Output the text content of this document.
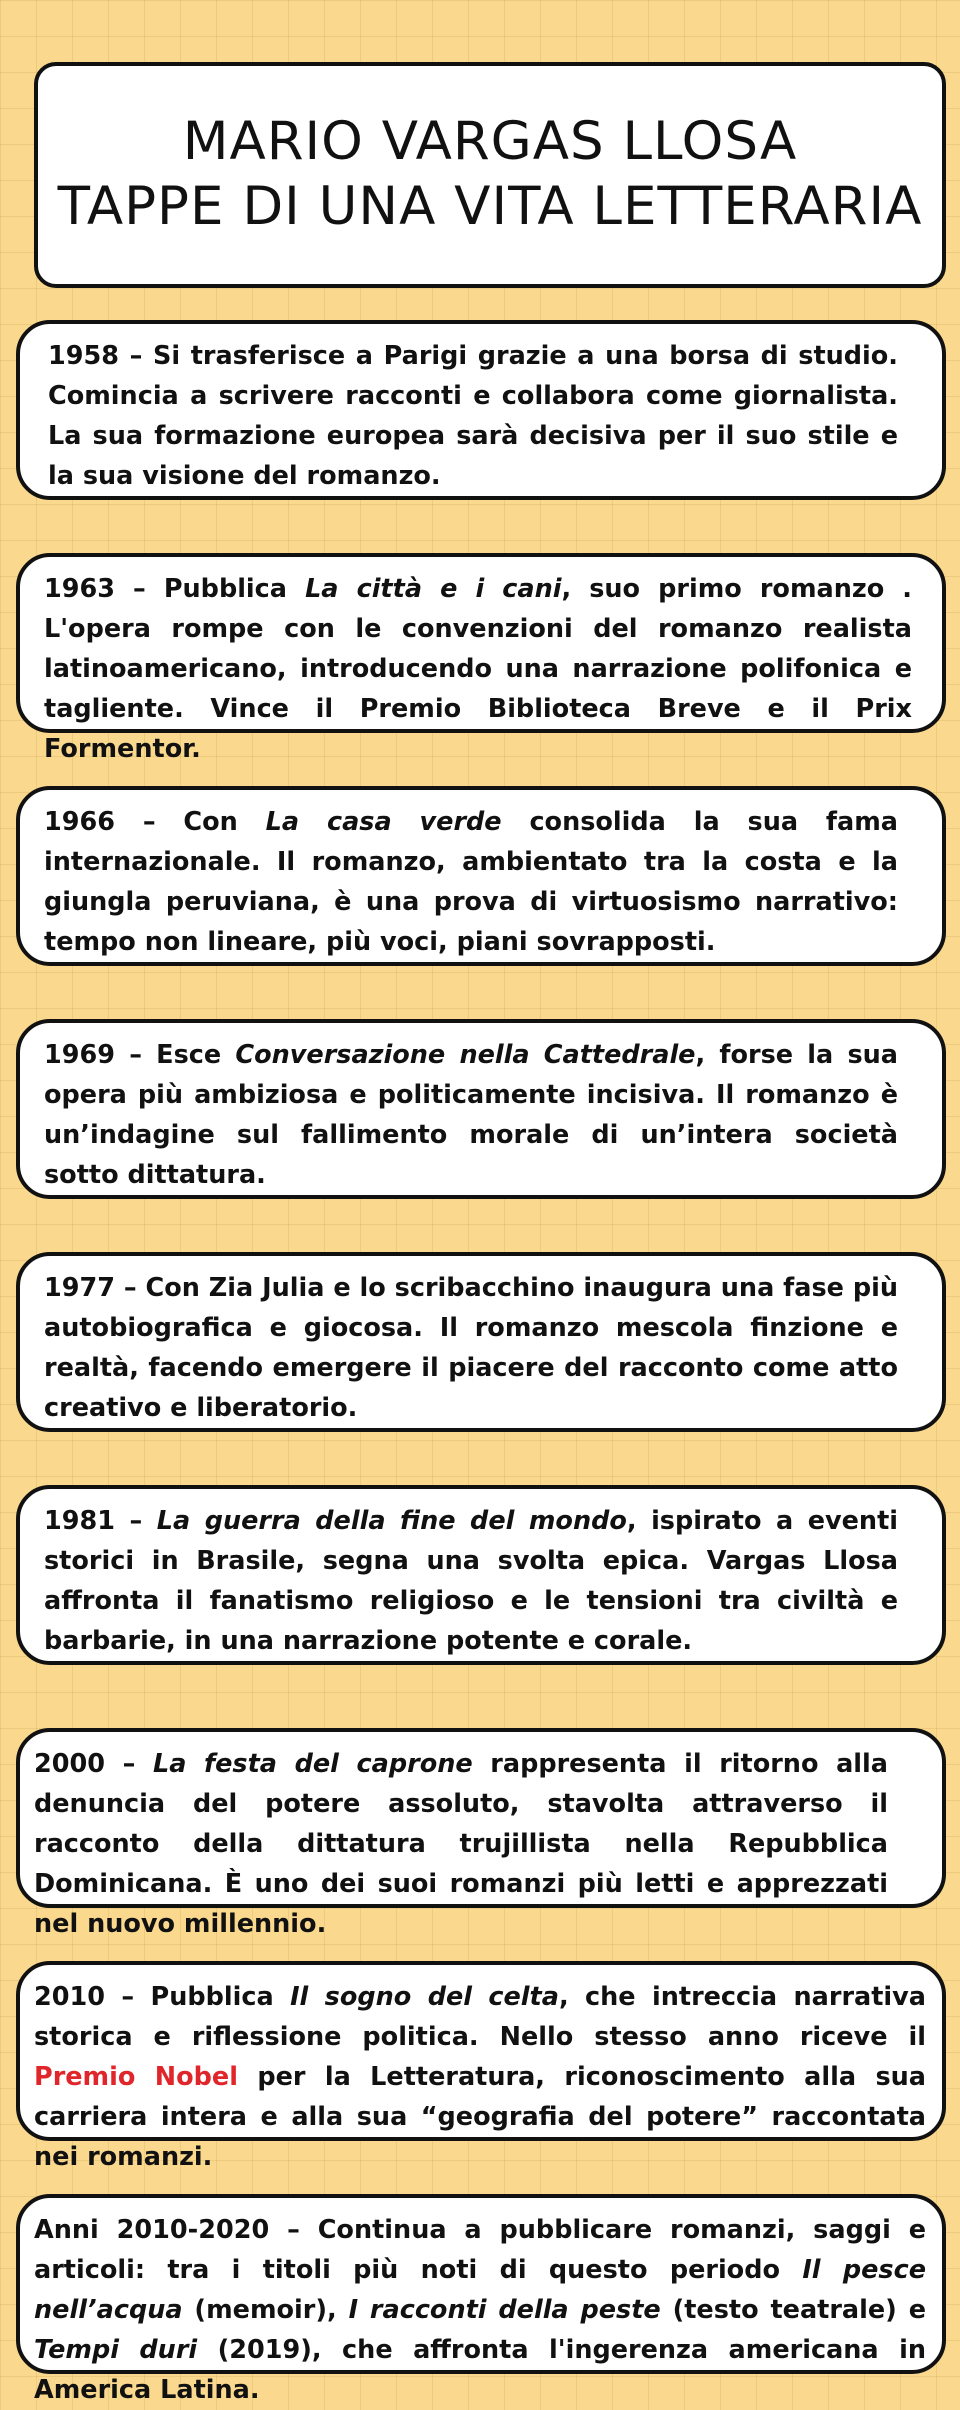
MARIO VARGAS LLOSA
TAPPE DI UNA VITA LETTERARIA
1958 – Si trasferisce a Parigi grazie a una borsa di studio. Comincia a scrivere racconti e collabora come giornalista. La sua formazione europea sarà decisiva per il suo stile e la sua visione del romanzo.
1963 – Pubblica La città e i cani, suo primo romanzo . L'opera rompe con le convenzioni del romanzo realista latinoamericano, introducendo una narrazione polifonica e tagliente. Vince il Premio Biblioteca Breve e il Prix Formentor.
1966 – Con La casa verde consolida la sua fama internazionale. Il romanzo, ambientato tra la costa e la giungla peruviana, è una prova di virtuosismo narrativo: tempo non lineare, più voci, piani sovrapposti.
1969 – Esce Conversazione nella Cattedrale, forse la sua opera più ambiziosa e politicamente incisiva. Il romanzo è un’indagine sul fallimento morale di un’intera società sotto dittatura.
1977 – Con Zia Julia e lo scribacchino inaugura una fase più autobiografica e giocosa. Il romanzo mescola finzione e realtà, facendo emergere il piacere del racconto come atto creativo e liberatorio.
1981 – La guerra della fine del mondo, ispirato a eventi storici in Brasile, segna una svolta epica. Vargas Llosa affronta il fanatismo religioso e le tensioni tra civiltà e barbarie, in una narrazione potente e corale.
2000 – La festa del caprone rappresenta il ritorno alla denuncia del potere assoluto, stavolta attraverso il racconto della dittatura trujillista nella Repubblica Dominicana. È uno dei suoi romanzi più letti e apprezzati nel nuovo millennio.
2010 – Pubblica Il sogno del celta, che intreccia narrativa storica e riflessione politica. Nello stesso anno riceve il Premio Nobel per la Letteratura, riconoscimento alla sua carriera intera e alla sua “geografia del potere” raccontata nei romanzi.
Anni 2010-2020 – Continua a pubblicare romanzi, saggi e articoli: tra i titoli più noti di questo periodo Il pesce nell’acqua (memoir), I racconti della peste (testo teatrale) e Tempi duri (2019), che affronta l'ingerenza americana in America Latina.
